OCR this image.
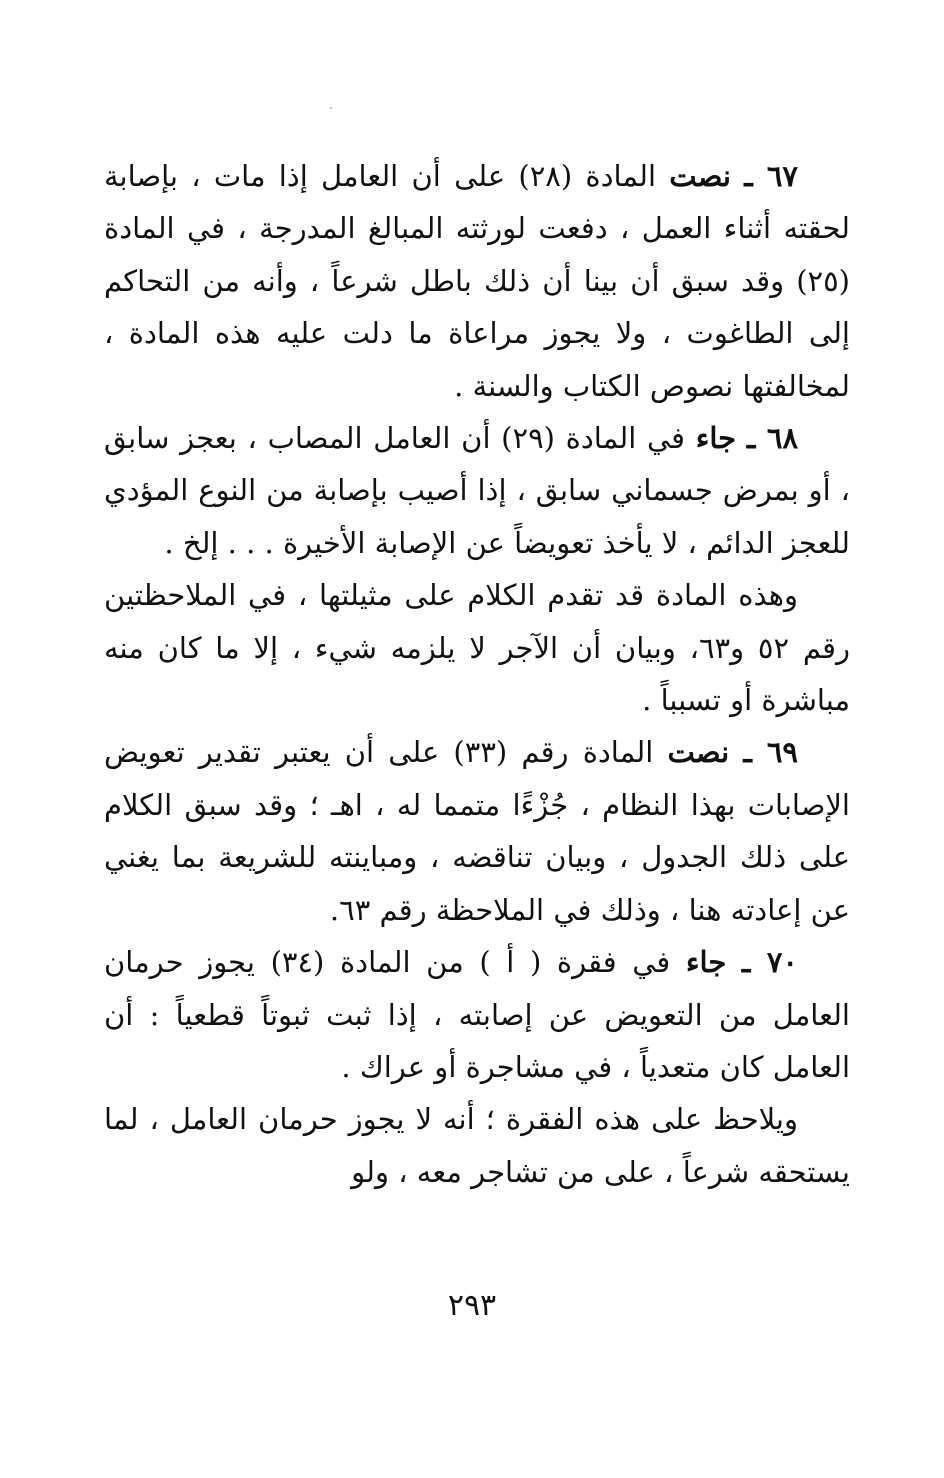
٦٧ ـ نصت المادة (٢٨) على أن العامل إذا مات ، بإصابة لحقته أثناء العمل ، دفعت لورثته المبالغ المدرجة ، في المادة (٢٥) وقد سبق أن بينا أن ذلك باطل شرعاً ، وأنه من التحاكم إلى الطاغوت ، ولا يجوز مراعاة ما دلت عليه هذه المادة ، لمخالفتها نصوص الكتاب والسنة .

٦٨ ـ جاء في المادة (٢٩) أن العامل المصاب ، بعجز سابق ، أو بمرض جسماني سابق ، إذا أصيب بإصابة من النوع المؤدي للعجز الدائم ، لا يأخذ تعويضاً عن الإصابة الأخيرة . . . إلخ .

وهذه المادة قد تقدم الكلام على مثيلتها ، في الملاحظتين رقم ٥٢ و٦٣، وبيان أن الآجر لا يلزمه شيء ، إلا ما كان منه مباشرة أو تسبباً .

٦٩ ـ نصت المادة رقم (٣٣) على أن يعتبر تقدير تعويض الإصابات بهذا النظام ، جُزْءًا متمما له ، اهـ ؛ وقد سبق الكلام على ذلك الجدول ، وبيان تناقضه ، ومباينته للشريعة بما يغني عن إعادته هنا ، وذلك في الملاحظة رقم ٦٣.

٧٠ ـ جاء في فقرة ( أ ) من المادة (٣٤) يجوز حرمان العامل من التعويض عن إصابته ، إذا ثبت ثبوتاً قطعياً : أن العامل كان متعدياً ، في مشاجرة أو عراك .

ويلاحظ على هذه الفقرة ؛ أنه لا يجوز حرمان العامل ، لما يستحقه شرعاً ، على من تشاجر معه ، ولو

٢٩٣
